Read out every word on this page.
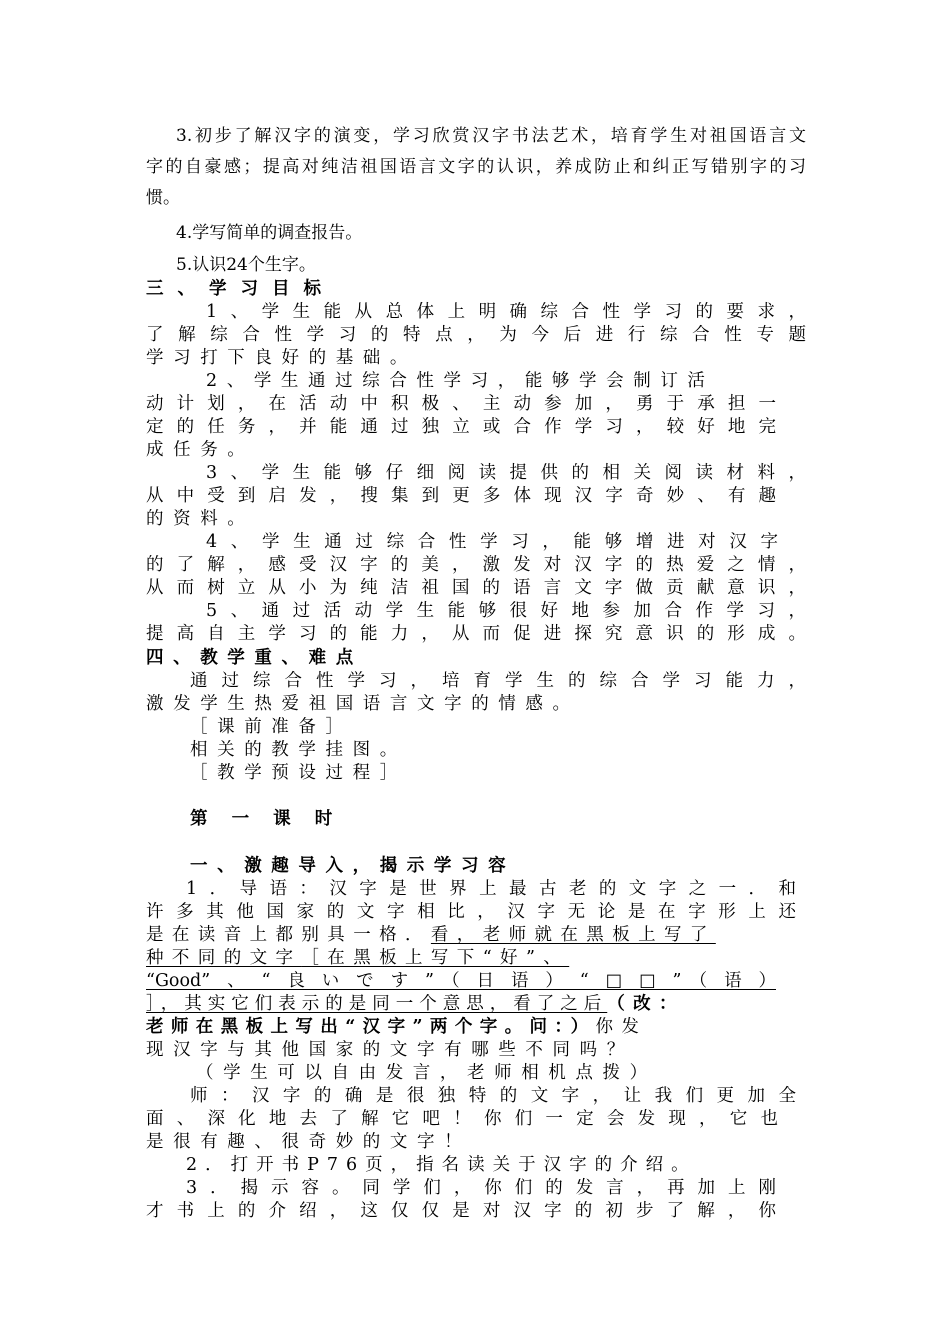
3.初步了解汉字的演变，学习欣赏汉字书法艺术，培育学生对祖国语言文
字的自豪感；提高对纯洁祖国语言文字的认识，养成防止和纠正写错别字的习
惯。
4.学写简单的调查报告。
5.认识24个生字。
三、学习目标
1、学生能从总体上明确综合性学习的要求，
了解综合性学习的特点，为今后进行综合性专题
学习打下良好的基础。
2、学生通过综合性学习，能够学会制订活
动计划，在活动中积极、主动参加，勇于承担一
定的任务，并能通过独立或合作学习，较好地完
成任务。
3、学生能够仔细阅读提供的相关阅读材料，
从中受到启发，搜集到更多体现汉字奇妙、有趣
的资料。
4、学生通过综合性学习，能够增进对汉字
的了解，感受汉字的美，激发对汉字的热爱之情，
从而树立从小为纯洁祖国的语言文字做贡献意识，
5、通过活动学生能够很好地参加合作学习，
提高自主学习的能力，从而促进探究意识的形成。
四、教学重、难点
通过综合性学习，培育学生的综合学习能力，
激发学生热爱祖国语言文字的情感。
［课前准备］
相关的教学挂图。
［教学预设过程］
第 一 课 时
一、激趣导入，揭示学习容
1．导语：汉字是世界上最古老的文字之一．和
许多其他国家的文字相比，汉字无论是在字形上还
是在读音上都别具一格．看，老师就在黑板上写了
种不同的文字［在黑板上写下“好”、
“Good”、“良いです”（日语）“□□”（语）
］，其实它们表示的是同一个意思，看了之后（改：
老师在黑板上写出“汉字”两个字。问：）你发
现汉字与其他国家的文字有哪些不同吗？
（学生可以自由发言，老师相机点拨）
师：汉字的确是很独特的文字，让我们更加全
面、深化地去了解它吧！你们一定会发现，它也
是很有趣、很奇妙的文字！
2．打开书P76页，指名读关于汉字的介绍。
3．揭示容。同学们，你们的发言，再加上刚
才书上的介绍，这仅仅是对汉字的初步了解，你
